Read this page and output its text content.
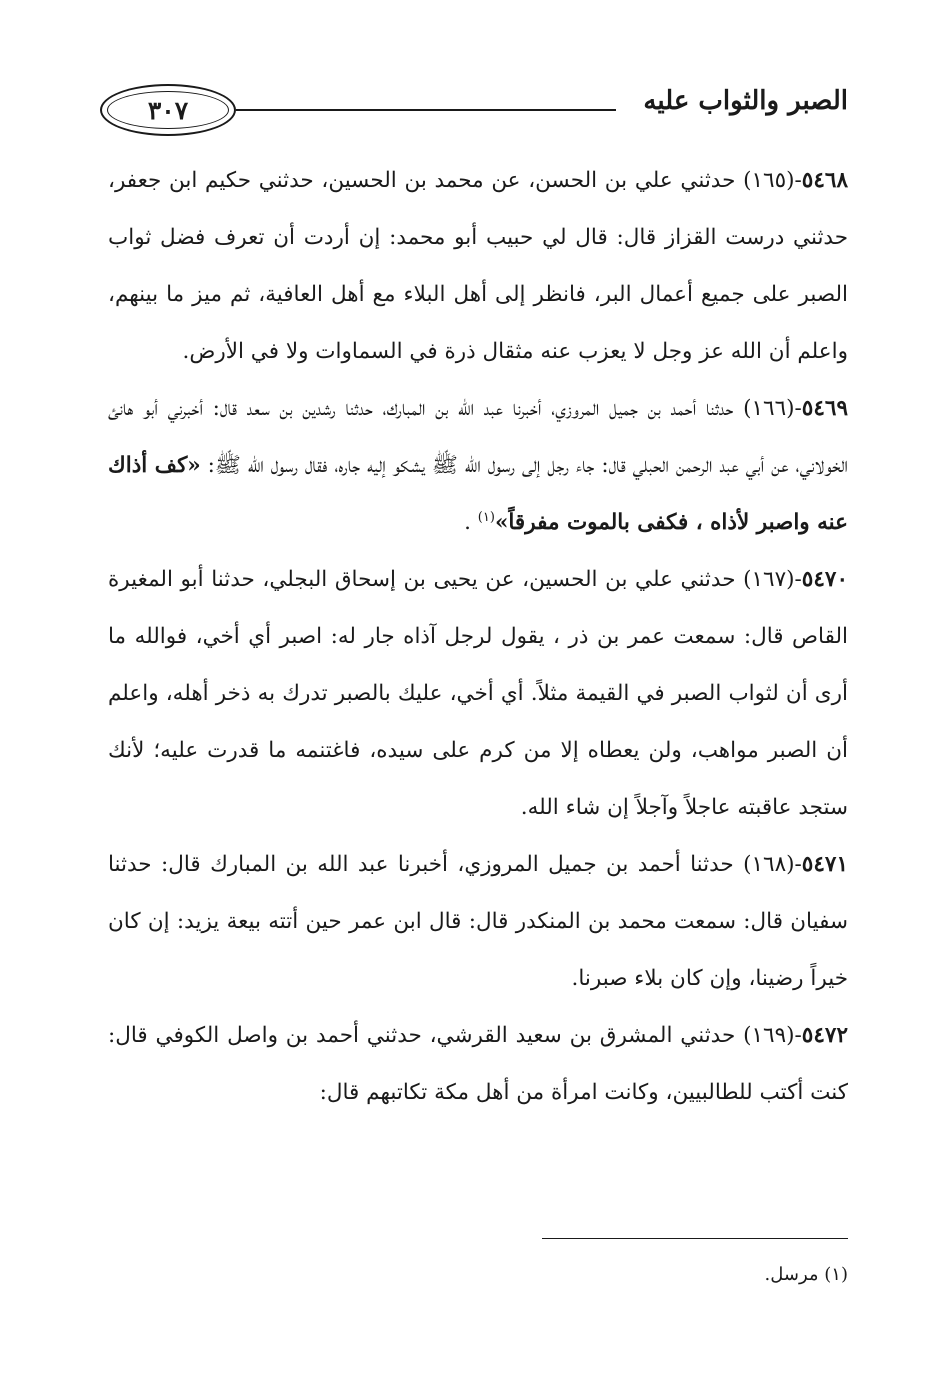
٣٠٧	الصبر والثواب عليه

٥٤٦٨-(١٦٥) حدثني علي بن الحسن، عن محمد بن الحسين، حدثني حكيم ابن جعفر، حدثني درست القزاز قال: قال لي حبيب أبو محمد: إن أردت أن تعرف فضل ثواب الصبر على جميع أعمال البر، فانظر إلى أهل البلاء مع أهل العافية، ثم ميز ما بينهم، واعلم أن الله عز وجل لا يعزب عنه مثقال ذرة في السماوات ولا في الأرض.

٥٤٦٩-(١٦٦) حدثنا أحمد بن جميل المروزي، أخبرنا عبد الله بن المبارك، حدثنا رشدين بن سعد قال: أخبرني أبو هانئ الخولاني، عن أبي عبد الرحمن الحبلي قال: جاء رجل إلى رسول الله ﷺ يشكو إليه جاره، فقال رسول الله ﷺ: «كف أذاك عنه واصبر لأذاه ، فكفى بالموت مفرقاً»$^{(١)}$ .

٥٤٧٠-(١٦٧) حدثني علي بن الحسين، عن يحيى بن إسحاق البجلي، حدثنا أبو المغيرة القاص قال: سمعت عمر بن ذر ، يقول لرجل آذاه جار له: اصبر أي أخي، فوالله ما أرى أن لثواب الصبر في القيمة مثلاً. أي أخي، عليك بالصبر تدرك به ذخر أهله، واعلم أن الصبر مواهب، ولن يعطاه إلا من كرم على سيده، فاغتنمه ما قدرت عليه؛ لأنك ستجد عاقبته عاجلاً وآجلاً إن شاء الله.

٥٤٧١-(١٦٨) حدثنا أحمد بن جميل المروزي، أخبرنا عبد الله بن المبارك قال: حدثنا سفيان قال: سمعت محمد بن المنكدر قال: قال ابن عمر حين أتته بيعة يزيد: إن كان خيراً رضينا، وإن كان بلاء صبرنا.

٥٤٧٢-(١٦٩) حدثني المشرق بن سعيد القرشي، حدثني أحمد بن واصل الكوفي قال: كنت أكتب للطالبيين، وكانت امرأة من أهل مكة تكاتبهم قال:

(١) مرسل.
